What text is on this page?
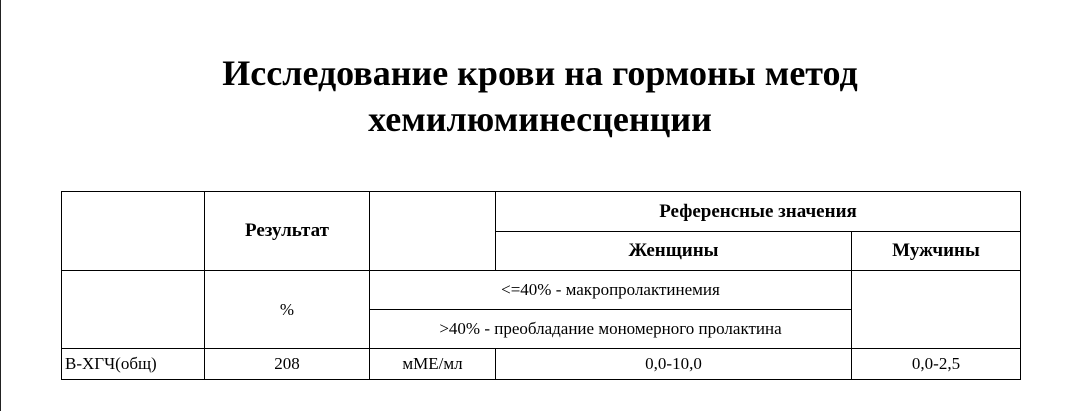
Исследование крови на гормоны метод
хемилюминесценции
	Результат		Референсные значения	
			Женщины	Мужчины
	%	<=40% - макропролактинемия		
		>40% - преобладание мономерного пролактина		
В-ХГЧ(общ)	208	мМЕ/мл	0,0-10,0	0,0-2,5
